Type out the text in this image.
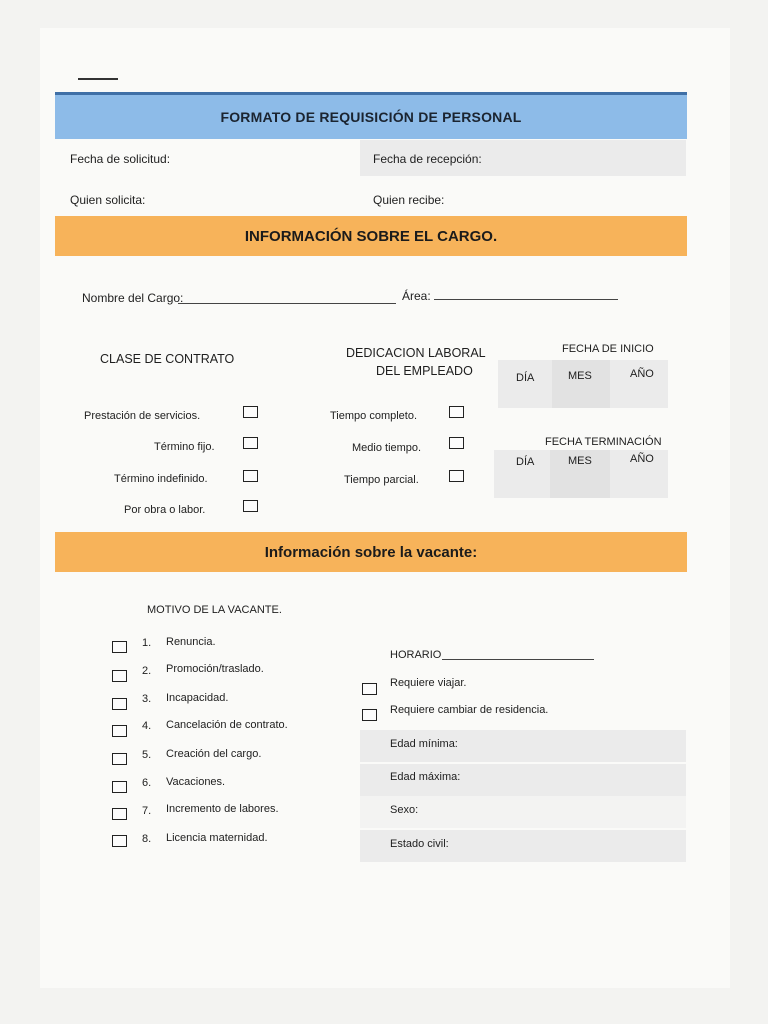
FORMATO DE REQUISICIÓN DE PERSONAL
Fecha de solicitud:	Fecha de recepción:
Quien solicita:	Quien recibe:
INFORMACIÓN SOBRE EL CARGO.
Nombre del Cargo:	Área:
CLASE DE CONTRATO	DEDICACION LABORAL
DEL EMPLEADO
FECHA DE INICIO
DÍA	MES	AÑO
FECHA TERMINACIÓN
DÍA	MES	AÑO
Prestación de servicios.
Término fijo.
Término indefinido.
Por obra o labor.
Tiempo completo.
Medio tiempo.
Tiempo parcial.
Información sobre la vacante:
MOTIVO DE LA VACANTE.
1. Renuncia.
2. Promoción/traslado.
3. Incapacidad.
4. Cancelación de contrato.
5. Creación del cargo.
6. Vacaciones.
7. Incremento de labores.
8. Licencia maternidad.
HORARIO
Requiere viajar.
Requiere cambiar de residencia.
Edad mínima:
Edad máxima:
Sexo:
Estado civil:
